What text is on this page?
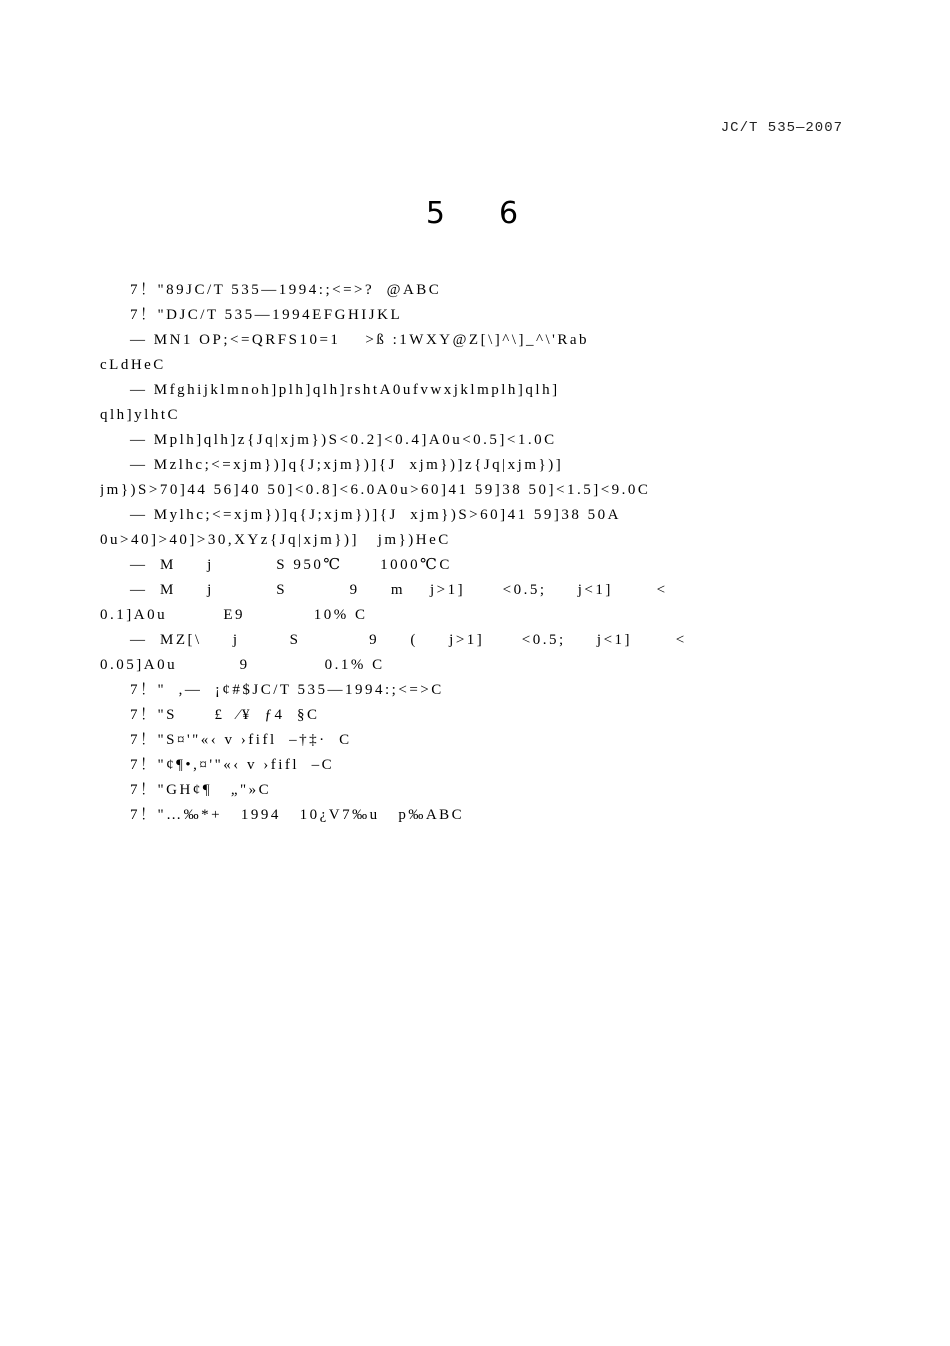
JC/T 535—2007
5 6

7！"89JC/T 535—1994:;<=>?  @ABC

7！"DJC/T 535—1994EFGHIJKL

— MN1 OP;<=QRFS10=1    >ß :1WXY@Z[\]^\]_^\'Rab

cLdHeC

— Mfghijklmnoh]plh]qlh]rshtA0ufvwxjklmplh]qlh]

qlh]ylhtC

— Mplh]qlh]z{Jq|xjm})S<0.2]<0.4]A0u<0.5]<1.0C

— Mzlhc;<=xjm})]q{J;xjm})]{J  xjm})]z{Jq|xjm})]

jm})S>70]44 56]40 50]<0.8]<6.0A0u>60]41 59]38 50]<1.5]<9.0C

— Mylhc;<=xjm})]q{J;xjm})]{J  xjm})S>60]41 59]38 50A

0u>40]>40]>30,XYz{Jq|xjm})]   jm})HeC

—  M     j          S 950℃      1000℃C

—  M     j          S          9     m    j>1]      <0.5;     j<1]       <

0.1]A0u         E9           10% C

—  MZ[\     j        S           9     (     j>1]      <0.5;     j<1]       <

0.05]A0u          9            0.1% C

7！"  ,—  ¡¢#$JC/T 535—1994:;<=>C

7！"S      £  ⁄¥  ƒ4  §C

7！"S¤'"«‹ v ›fifl  –†‡·  C

7！"¢¶•,¤'"«‹ v ›fifl  –C

7！"GH¢¶   „"»C

7！"…‰*+   1994   10¿V7‰u   p‰ABC
